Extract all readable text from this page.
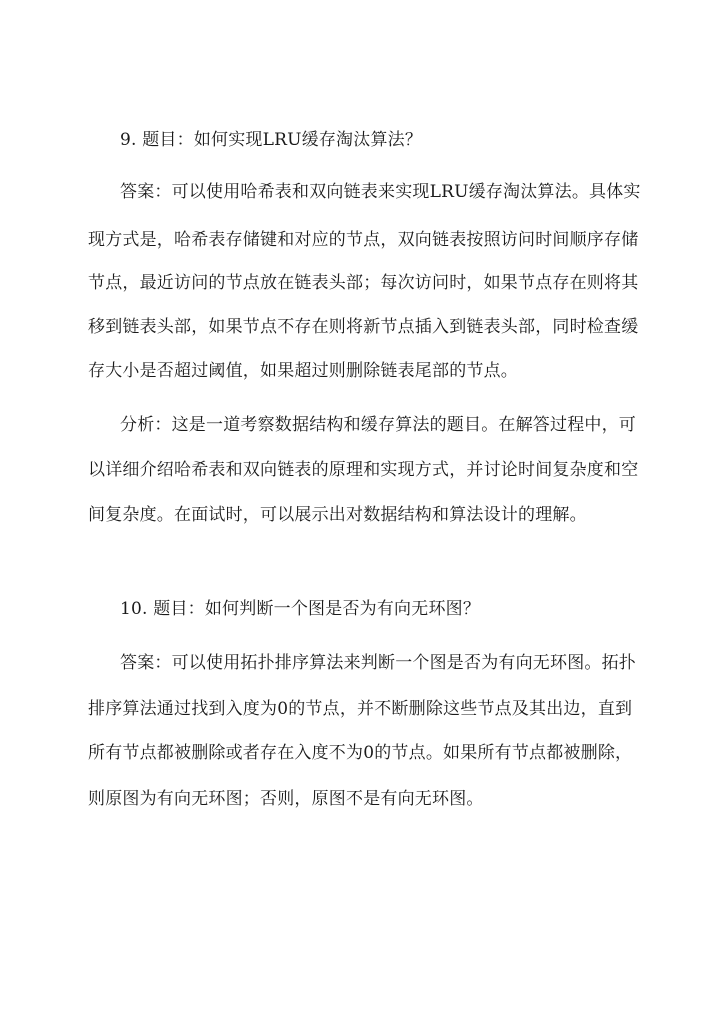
9. 题目：如何实现LRU缓存淘汰算法？
答案：可以使用哈希表和双向链表来实现LRU缓存淘汰算法。具体实
现方式是，哈希表存储键和对应的节点，双向链表按照访问时间顺序存储
节点，最近访问的节点放在链表头部；每次访问时，如果节点存在则将其
移到链表头部，如果节点不存在则将新节点插入到链表头部，同时检查缓
存大小是否超过阈值，如果超过则删除链表尾部的节点。
分析：这是一道考察数据结构和缓存算法的题目。在解答过程中，可
以详细介绍哈希表和双向链表的原理和实现方式，并讨论时间复杂度和空
间复杂度。在面试时，可以展示出对数据结构和算法设计的理解。
10. 题目：如何判断一个图是否为有向无环图？
答案：可以使用拓扑排序算法来判断一个图是否为有向无环图。拓扑
排序算法通过找到入度为0的节点，并不断删除这些节点及其出边，直到
所有节点都被删除或者存在入度不为0的节点。如果所有节点都被删除，
则原图为有向无环图；否则，原图不是有向无环图。
